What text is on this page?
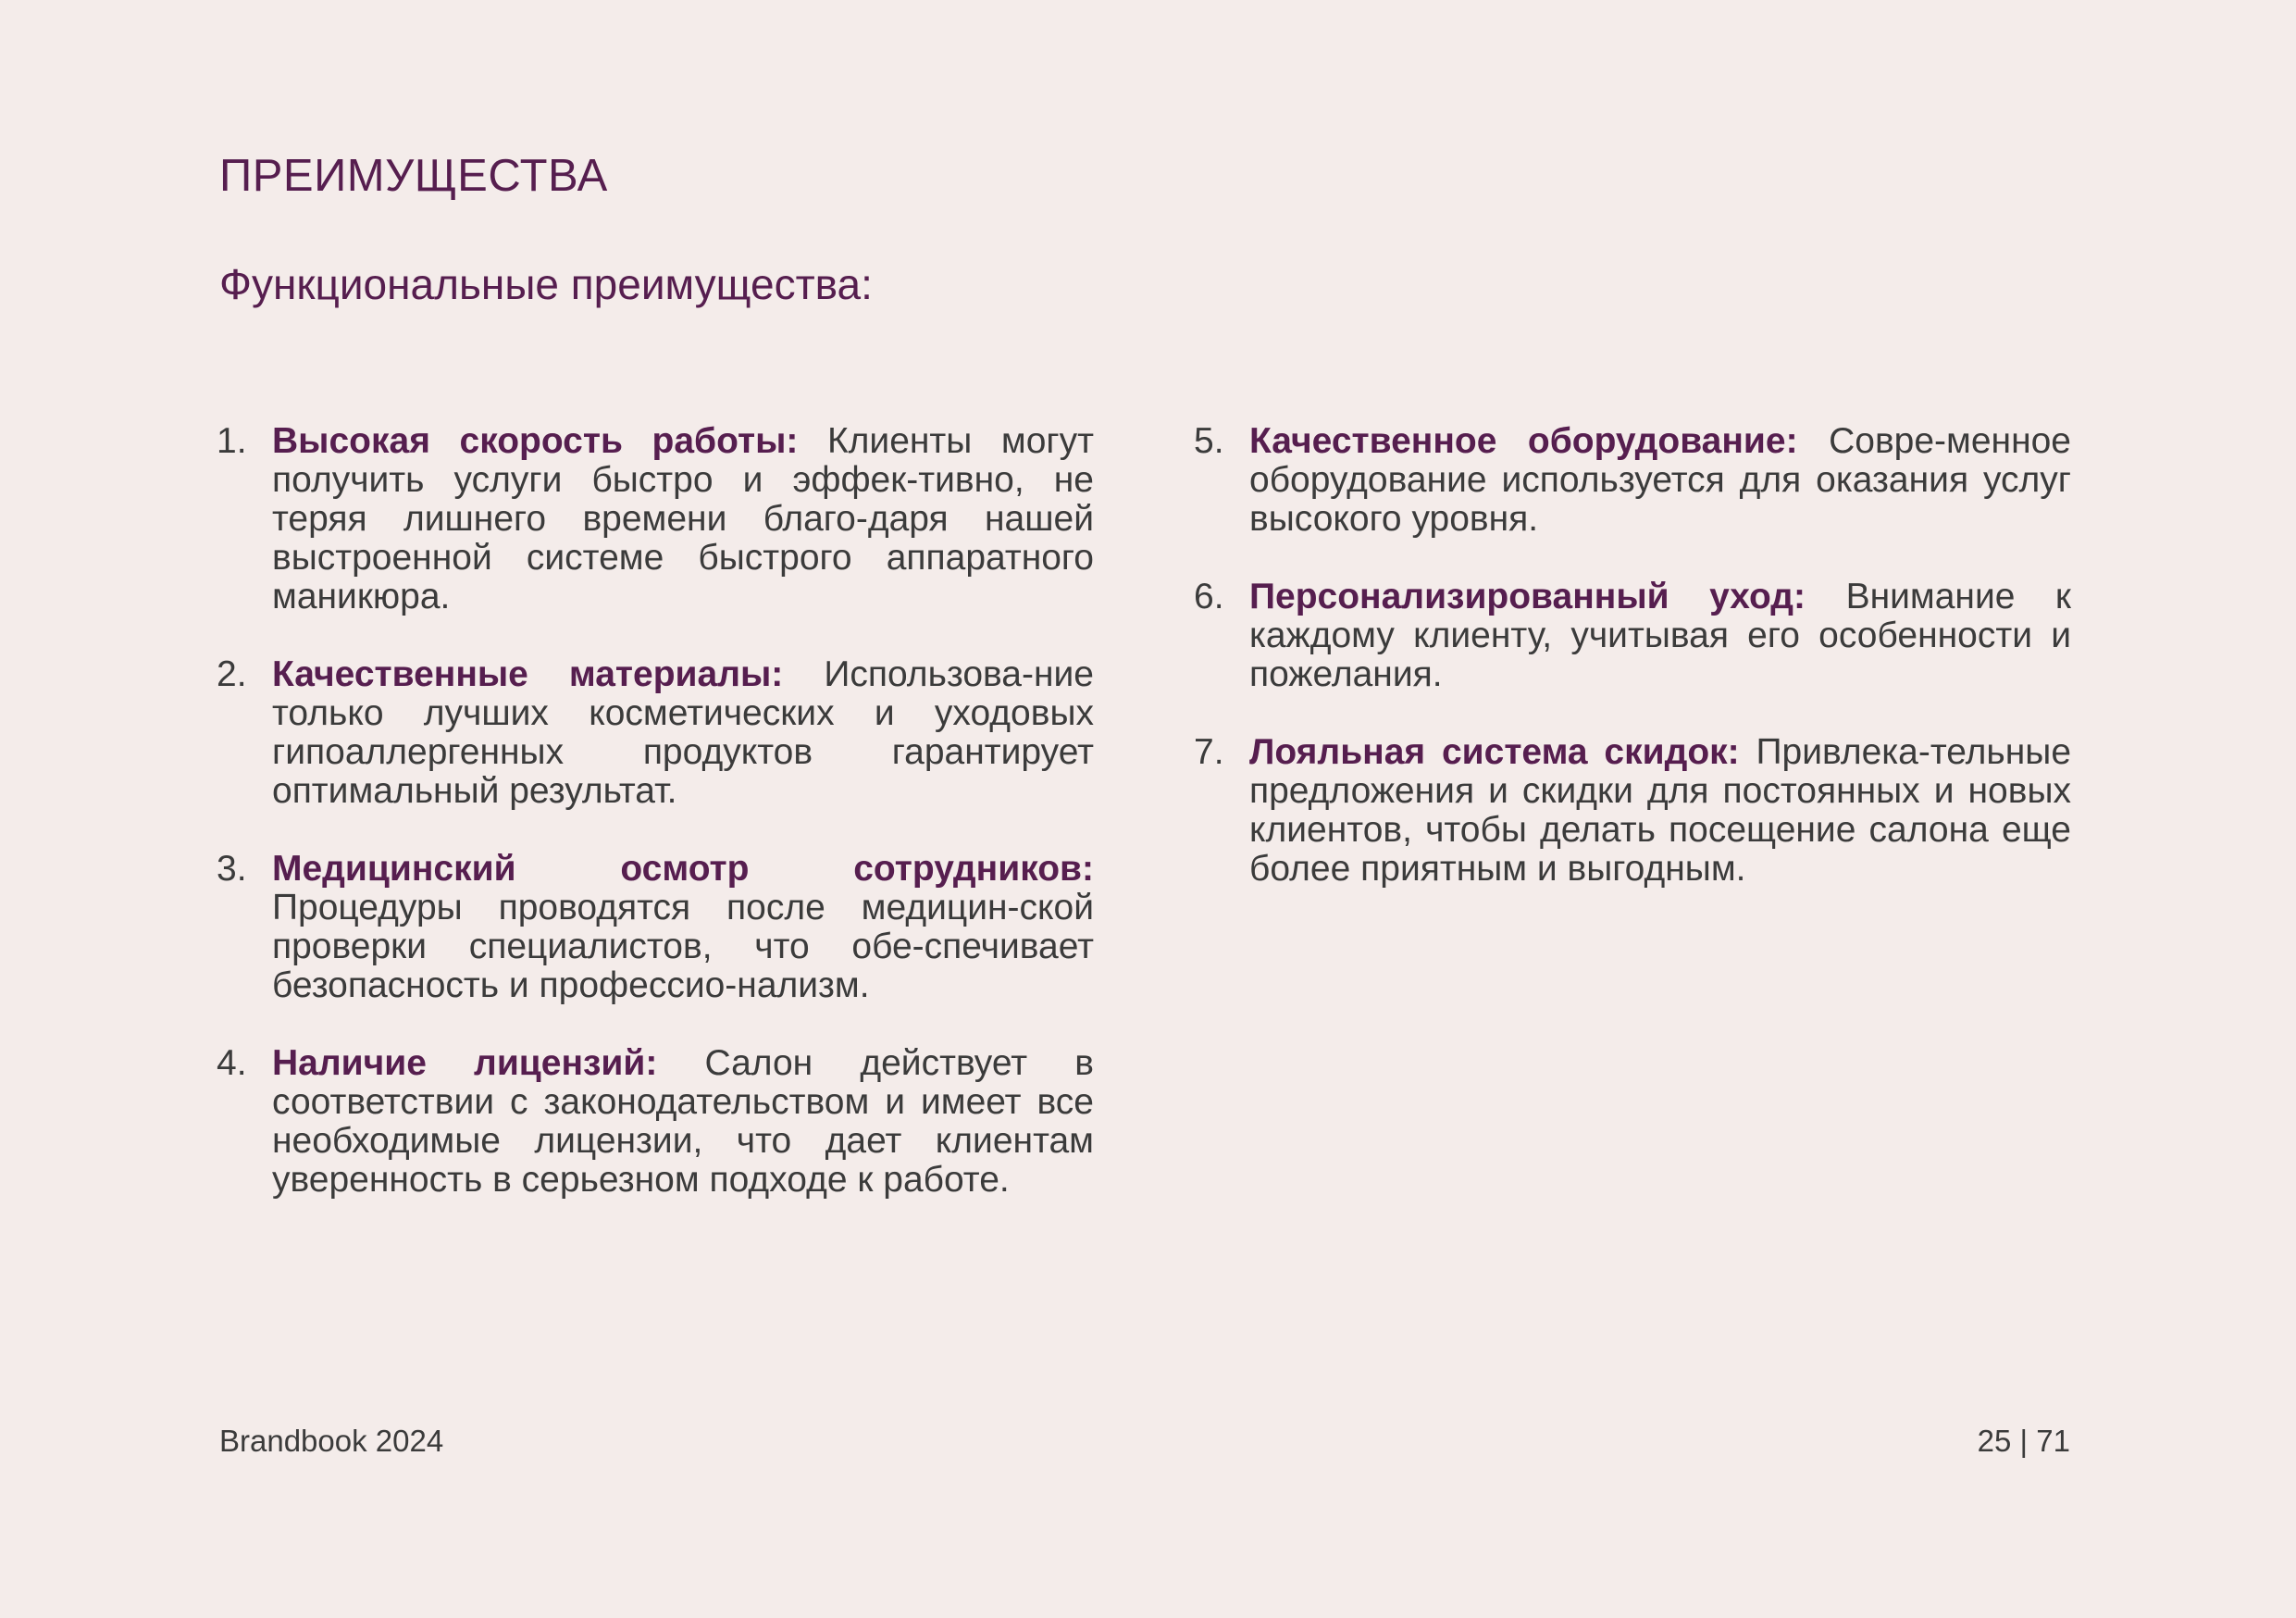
ПРЕИМУЩЕСТВА
Функциональные преимущества:
1. Высокая скорость работы: Клиенты могут получить услуги быстро и эффек-тивно, не теряя лишнего времени благо-даря нашей выстроенной системе быстрого аппаратного маникюра.
2. Качественные материалы: Использова-ние только лучших косметических и уходовых гипоаллергенных продуктов гарантирует оптимальный результат.
3. Медицинский осмотр сотрудников: Процедуры проводятся после медицин-ской проверки специалистов, что обе-спечивает безопасность и профессио-нализм.
4. Наличие лицензий: Салон действует в соответствии с законодательством и имеет все необходимые лицензии, что дает клиентам уверенность в серьезном подходе к работе.
5. Качественное оборудование: Совре-менное оборудование используется для оказания услуг высокого уровня.
6. Персонализированный уход: Внимание к каждому клиенту, учитывая его особенности и пожелания.
7. Лояльная система скидок: Привлека-тельные предложения и скидки для постоянных и новых клиентов, чтобы делать посещение салона еще более приятным и выгодным.
Brandbook 2024	25 | 71
